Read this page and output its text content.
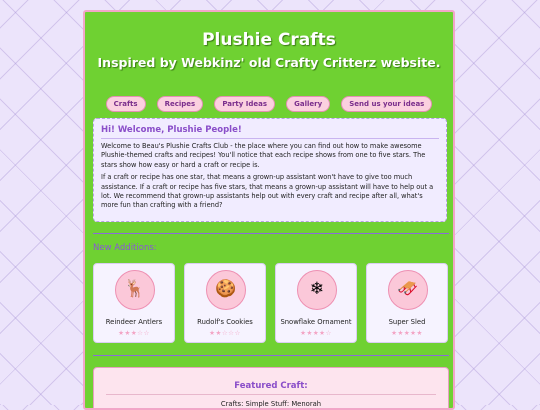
Plushie Crafts
Inspired by Webkinz' old Crafty Critterz website.
Crafts	Recipes	Party Ideas	Gallery	Send us your ideas
Hi! Welcome, Plushie People!

Welcome to Beau's Plushie Crafts Club - the place where you can find out how to make awesome Plushie-themed crafts and recipes! You'll notice that each recipe shows from one to five stars. The stars show how easy or hard a craft or recipe is.

If a craft or recipe has one star, that means a grown-up assistant won't have to give too much assistance. If a craft or recipe has five stars, that means a grown-up assistant will have to help out a lot. We recommend that grown-up assistants help out with every craft and recipe after all, what's more fun than crafting with a friend?

New Additions:
🦌
Reindeer Antlers
★★★☆☆
🍪
Rudolf's Cookies
★★☆☆☆
❄
Snowflake Ornament
★★★★☆
🛷
Super Sled
★★★★★
Featured Craft:

Crafts: Simple Stuff: Menorah
